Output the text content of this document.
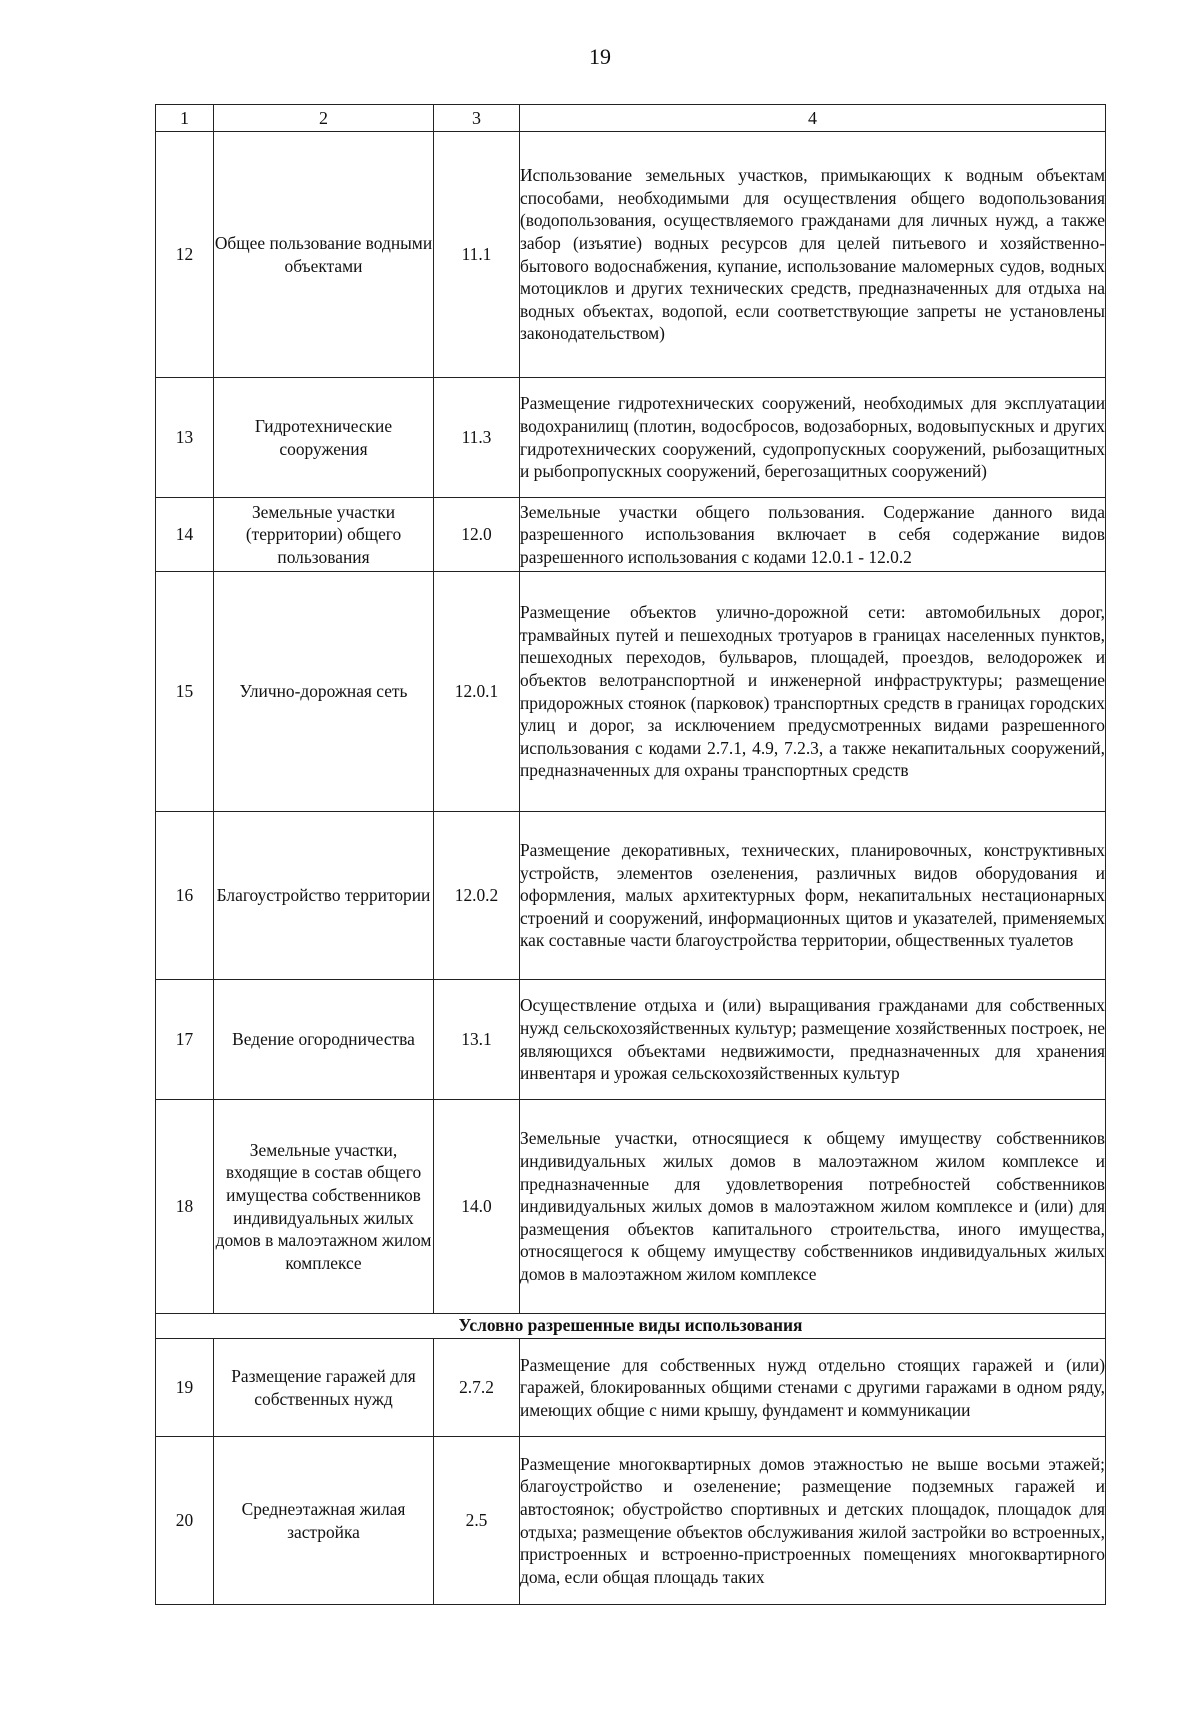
19
1	2	3	4
12	Общее пользование водными объектами	11.1	Использование земельных участков, примыкающих к водным объектам способами, необходимыми для осуществления общего водопользования (водопользования, осуществляемого гражданами для личных нужд, а также забор (изъятие) водных ресурсов для целей питьевого и хозяйственно-бытового водоснабжения, купание, использование маломерных судов, водных мотоциклов и других технических средств, предназначенных для отдыха на водных объектах, водопой, если соответствующие запреты не установлены законодательством)
13	Гидротехнические сооружения	11.3	Размещение гидротехнических сооружений, необходимых для эксплуатации водохранилищ (плотин, водосбросов, водозаборных, водовыпускных и других гидротехнических сооружений, судопропускных сооружений, рыбозащитных и рыбопропускных сооружений, берегозащитных сооружений)
14	Земельные участки (территории) общего пользования	12.0	Земельные участки общего пользования. Содержание данного вида разрешенного использования включает в себя содержание видов разрешенного использования с кодами 12.0.1 - 12.0.2
15	Улично-дорожная сеть	12.0.1	Размещение объектов улично-дорожной сети: автомобильных дорог, трамвайных путей и пешеходных тротуаров в границах населенных пунктов, пешеходных переходов, бульваров, площадей, проездов, велодорожек и объектов велотранспортной и инженерной инфраструктуры; размещение придорожных стоянок (парковок) транспортных средств в границах городских улиц и дорог, за исключением предусмотренных видами разрешенного использования с кодами 2.7.1, 4.9, 7.2.3, а также некапитальных сооружений, предназначенных для охраны транспортных средств
16	Благоустройство территории	12.0.2	Размещение декоративных, технических, планировочных, конструктивных устройств, элементов озеленения, различных видов оборудования и оформления, малых архитектурных форм, некапитальных нестационарных строений и сооружений, информационных щитов и указателей, применяемых как составные части благоустройства территории, общественных туалетов
17	Ведение огородничества	13.1	Осуществление отдыха и (или) выращивания гражданами для собственных нужд сельскохозяйственных культур; размещение хозяйственных построек, не являющихся объектами недвижимости, предназначенных для хранения инвентаря и урожая сельскохозяйственных культур
18	Земельные участки, входящие в состав общего имущества собственников индивидуальных жилых домов в малоэтажном жилом комплексе	14.0	Земельные участки, относящиеся к общему имуществу собственников индивидуальных жилых домов в малоэтажном жилом комплексе и предназначенные для удовлетворения потребностей собственников индивидуальных жилых домов в малоэтажном жилом комплексе и (или) для размещения объектов капитального строительства, иного имущества, относящегося к общему имуществу собственников индивидуальных жилых домов в малоэтажном жилом комплексе
Условно разрешенные виды использования			
19	Размещение гаражей для собственных нужд	2.7.2	Размещение для собственных нужд отдельно стоящих гаражей и (или) гаражей, блокированных общими стенами с другими гаражами в одном ряду, имеющих общие с ними крышу, фундамент и коммуникации
20	Среднеэтажная жилая застройка	2.5	Размещение многоквартирных домов этажностью не выше восьми этажей; благоустройство и озеленение; размещение подземных гаражей и автостоянок; обустройство спортивных и детских площадок, площадок для отдыха; размещение объектов обслуживания жилой застройки во встроенных, пристроенных и встроенно-пристроенных помещениях многоквартирного дома, если общая площадь таких
